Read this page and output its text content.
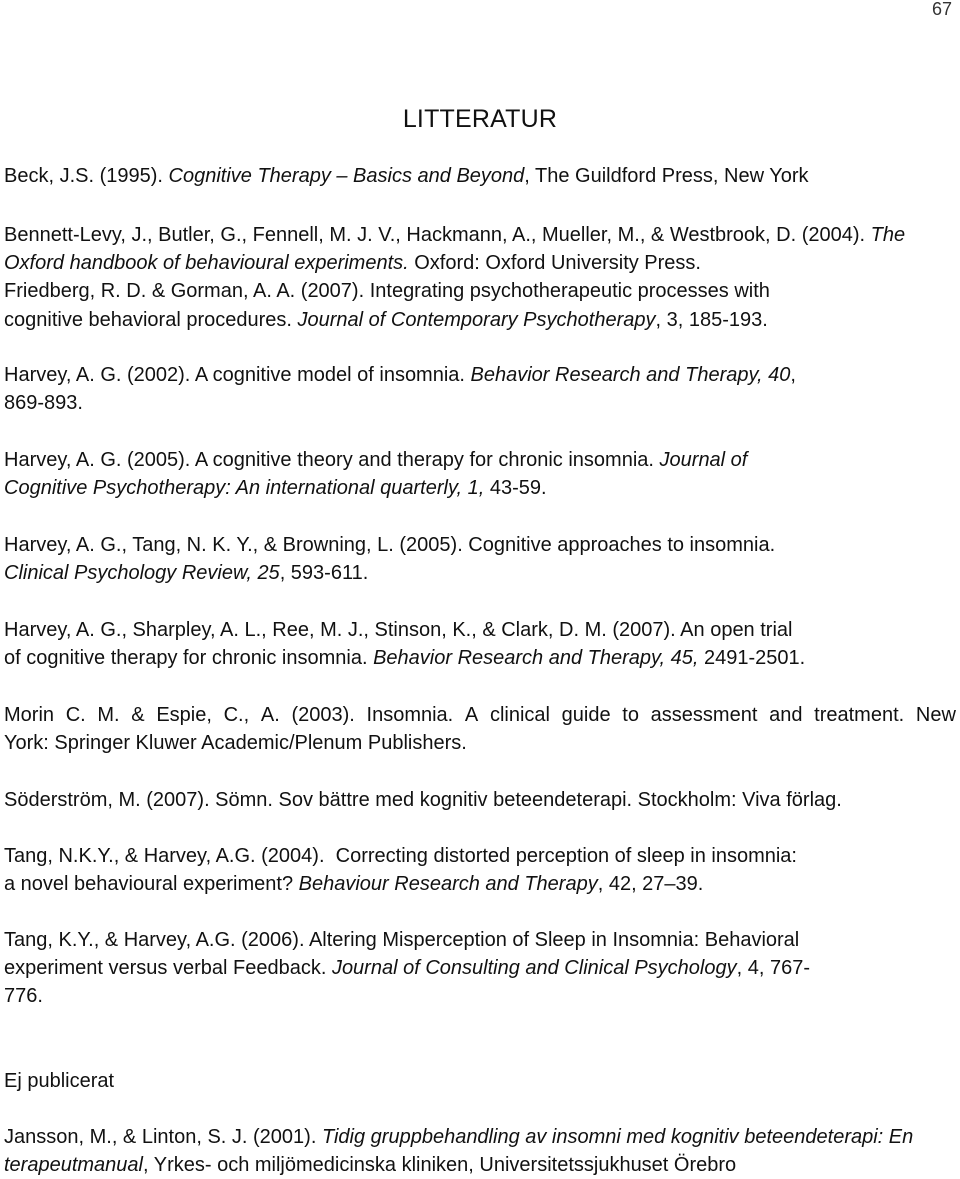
67
LITTERATUR
Beck, J.S. (1995). Cognitive Therapy – Basics and Beyond, The Guildford Press, New York
Bennett-Levy, J., Butler, G., Fennell, M. J. V., Hackmann, A., Mueller, M., & Westbrook, D. (2004). The
Oxford handbook of behavioural experiments. Oxford: Oxford University Press.
Friedberg, R. D. & Gorman, A. A. (2007). Integrating psychotherapeutic processes with
cognitive behavioral procedures. Journal of Contemporary Psychotherapy, 3, 185-193.
Harvey, A. G. (2002). A cognitive model of insomnia. Behavior Research and Therapy, 40,
869-893.
Harvey, A. G. (2005). A cognitive theory and therapy for chronic insomnia. Journal of
Cognitive Psychotherapy: An international quarterly, 1, 43-59.
Harvey, A. G., Tang, N. K. Y., & Browning, L. (2005). Cognitive approaches to insomnia.
Clinical Psychology Review, 25, 593-611.
Harvey, A. G., Sharpley, A. L., Ree, M. J., Stinson, K., & Clark, D. M. (2007). An open trial
of cognitive therapy for chronic insomnia. Behavior Research and Therapy, 45, 2491-2501.
Morin C. M. & Espie, C., A. (2003). Insomnia. A clinical guide to assessment and treatment. New
York: Springer Kluwer Academic/Plenum Publishers.
Söderström, M. (2007). Sömn. Sov bättre med kognitiv beteendeterapi. Stockholm: Viva förlag.
Tang, N.K.Y., & Harvey, A.G. (2004).  Correcting distorted perception of sleep in insomnia:
a novel behavioural experiment? Behaviour Research and Therapy, 42, 27–39.
Tang, K.Y., & Harvey, A.G. (2006). Altering Misperception of Sleep in Insomnia: Behavioral
experiment versus verbal Feedback. Journal of Consulting and Clinical Psychology, 4, 767-
776.
Ej publicerat
Jansson, M., & Linton, S. J. (2001). Tidig gruppbehandling av insomni med kognitiv beteendeterapi: En
terapeutmanual, Yrkes- och miljömedicinska kliniken, Universitetssjukhuset Örebro
